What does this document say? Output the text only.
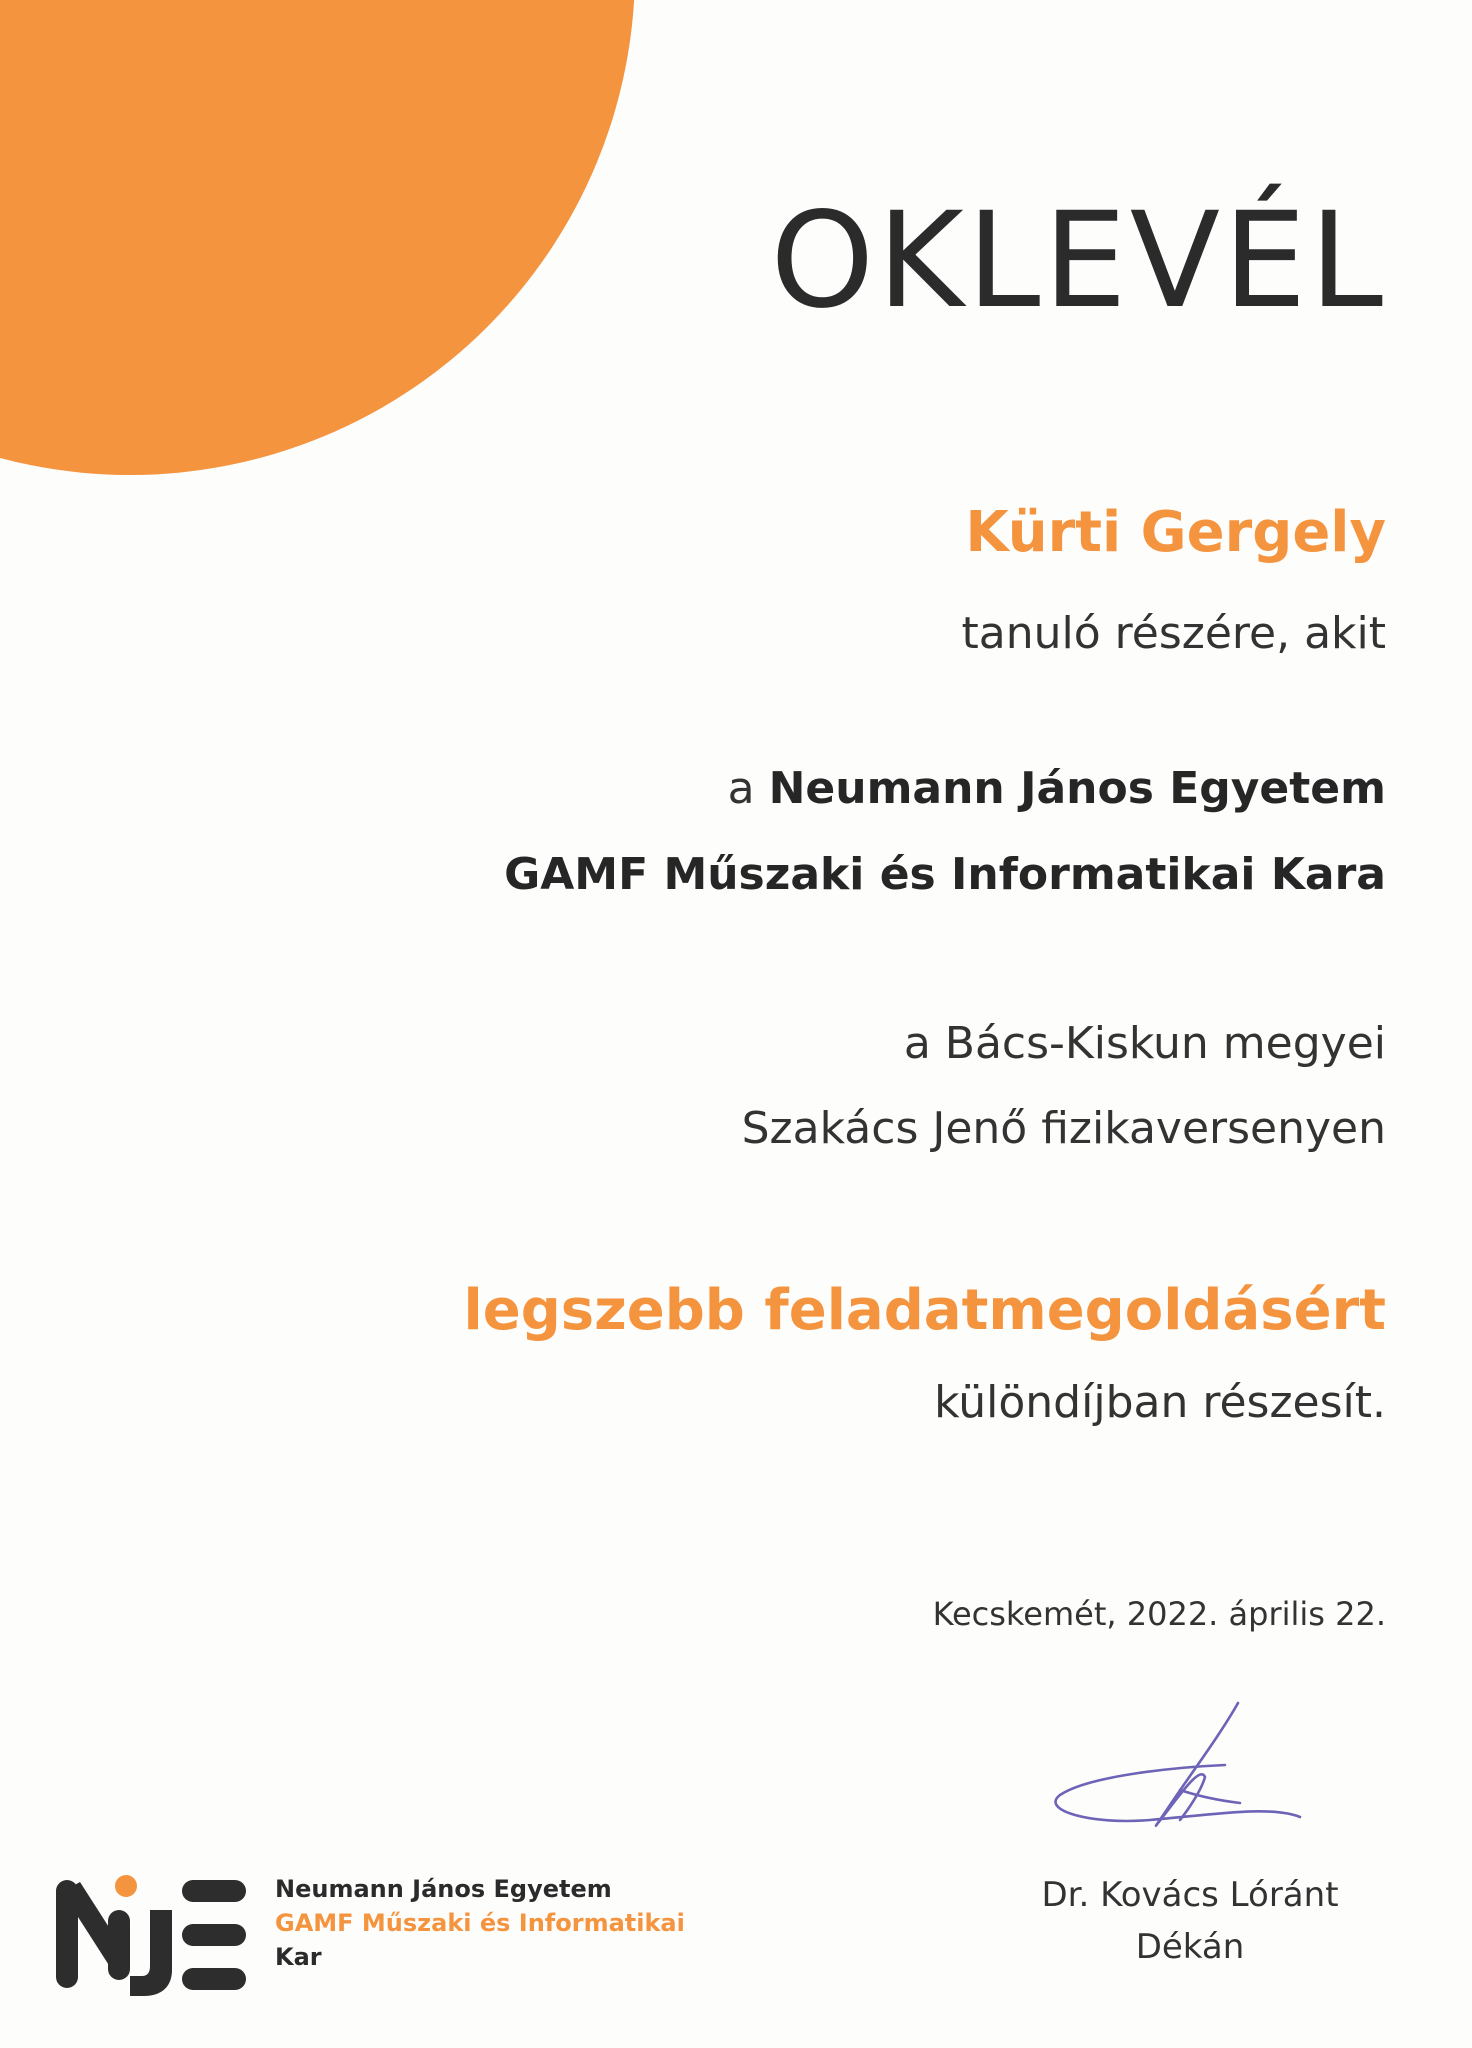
OKLEVÉL
Kürti Gergely
tanuló részére, akit
a Neumann János Egyetem
GAMF Műszaki és Informatikai Kara
a Bács-Kiskun megyei
Szakács Jenő fizikaversenyen
legszebb feladatmegoldásért
különdíjban részesít.
Kecskemét, 2022. április 22.
Dr. Kovács Lóránt
Dékán
Neumann János Egyetem
GAMF Műszaki és Informatikai
Kar
